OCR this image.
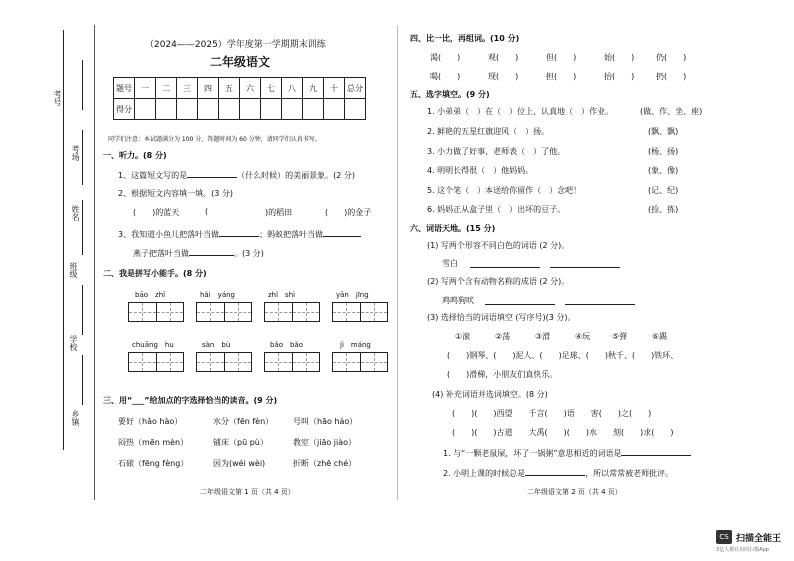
考号
考场
姓名
班级
学校
乡镇
（2024——2025）学年度第一学期期末训练
二年级语文
题号	一	二	三	四	五	六	七	八	九	十	总分
得分											
同学们注意：本试题满分为 100 分，答题时间为 60 分钟，请同学们认真书写。
一、听力。(8 分)
1、这篇短文写的是	（什么时候）的美丽景象。(2 分)
2、根据短文内容填一填。(3 分)
(　　)的蓝天	(	)的稻田	(　　)的金子
3、我知道小鱼儿把落叶当做	；蚂蚁把落叶当做
燕子把落叶当做	。(3 分)
二、我是拼写小能手。(8 分)
bāo　zhǐ	hǎi　yáng	zhǐ　shì	yān　jīng
chuāng　hu	sàn　bù	bǎo　bǎo	jì　máng
三、用“___”给加点的字选择恰当的读音。(9 分)
要好（hǎo hào）	水分（fēn fèn） 号叫（hāo háo）
闷热（mēn mèn）	铺床（pū pù）	教室（jiāo jiào）
石磙（fēng fèng）	因为(wéi wèi)	折断（zhē ché）
二年级语文第 1 页（共 4 页）
四、比一比，再组词。(10 分)
渴(　　)	观(　　)	但(　　)	始(　　)	仍(　　)
喝(　　)	现(　　)	担(　　)	抬(　　)	扔(　　)
五、选字填空。(9 分)
1. 小弟弟（　）在（　）位上，认真地（　）作业。	(做、作、坐、座)
2. 鲜艳的五星红旗迎风（　）扬。	(飘、飘)
3. 小力做了好事，老师表（　）了他。	(杨、扬)
4. 明明长得很（　）他妈妈。	(象、像)
5. 这个笔（　）本送给你留作（　）念吧！	(记、纪)
6. 妈妈正从盒子里（　）出坏的豆子。	(捡、拣)
六、词语天地。(15 分)
(1) 写两个形容不同白色的词语 (2 分)。
雪白
(2) 写两个含有动物名称的成语 (2 分)。
鸡鸣狗吠
(3) 选择恰当的词语填空 (写序号)(3 分)。
①滚	②荡	③滑	④玩	⑤弹	⑥踢
(　　)钢琴、(　　)泥人、(　　)足球、(　　)秋千、(　　)铁环、
(　　)滑梯，小朋友们真快乐。
(4) 补充词语并选词填空。(8 分)
(　　)(　　)西望　　千言(　　)语　　害(　　)之(　　)
(　　)(　　)古道　　大禹(　　)(　　)水　　刻(　　)求(　　)
1. 与“一颗老鼠屎，坏了一锅粥”意思相近的词语是
2. 小明上课的时候总是	，所以常常被老师批评。
二年级语文第 2 页（共 4 页）
CS 扫描全能王
3亿人都在用的扫描App
